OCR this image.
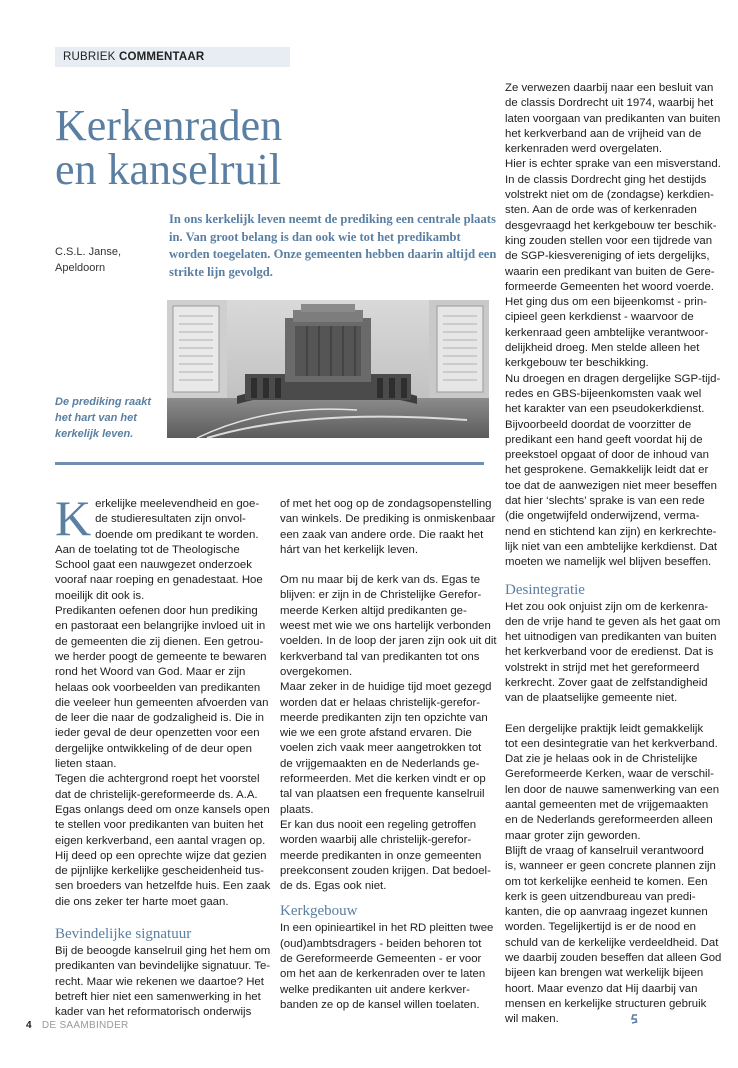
RUBRIEK COMMENTAAR
Kerkenraden
en kanselruil
C.S.L. Janse,
Apeldoorn

In ons kerkelijk leven neemt de prediking een centrale plaats in. Van groot belang is dan ook wie tot het predikambt worden toegelaten. Onze gemeenten hebben daarin altijd een strikte lijn gevolgd.

De prediking raakt
het hart van het
kerkelijk leven.
K erkelijke meelevendheid en goe-
de studieresultaten zijn onvol-
doende om predikant te worden.
Aan de toelating tot de Theologische
School gaat een nauwgezet onderzoek
vooraf naar roeping en genadestaat. Hoe
moeilijk dit ook is.
Predikanten oefenen door hun prediking
en pastoraat een belangrijke invloed uit in
de gemeenten die zij dienen. Een getrou-
we herder poogt de gemeente te bewaren
rond het Woord van God. Maar er zijn
helaas ook voorbeelden van predikanten
die veeleer hun gemeenten afvoerden van
de leer die naar de godzaligheid is. Die in
ieder geval de deur openzetten voor een
dergelijke ontwikkeling of de deur open
lieten staan.
Tegen die achtergrond roept het voorstel
dat de christelijk-gereformeerde ds. A.A.
Egas onlangs deed om onze kansels open
te stellen voor predikanten van buiten het
eigen kerkverband, een aantal vragen op.
Hij deed op een oprechte wijze dat gezien
de pijnlijke kerkelijke gescheidenheid tus-
sen broeders van hetzelfde huis. Een zaak
die ons zeker ter harte moet gaan.
Bevindelijke signatuur
Bij de beoogde kanselruil ging het hem om
predikanten van bevindelijke signatuur. Te-
recht. Maar wie rekenen we daartoe? Het
betreft hier niet een samenwerking in het
kader van het reformatorisch onderwijs
of met het oog op de zondagsopenstelling
van winkels. De prediking is onmiskenbaar
een zaak van andere orde. Die raakt het
hárt van het kerkelijk leven.
Om nu maar bij de kerk van ds. Egas te
blijven: er zijn in de Christelijke Gerefor-
meerde Kerken altijd predikanten ge-
weest met wie we ons hartelijk verbonden
voelden. In de loop der jaren zijn ook uit dit
kerkverband tal van predikanten tot ons
overgekomen.
Maar zeker in de huidige tijd moet gezegd
worden dat er helaas christelijk-gerefor-
meerde predikanten zijn ten opzichte van
wie we een grote afstand ervaren. Die
voelen zich vaak meer aangetrokken tot
de vrijgemaakten en de Nederlands ge-
reformeerden. Met die kerken vindt er op
tal van plaatsen een frequente kanselruil
plaats.
Er kan dus nooit een regeling getroffen
worden waarbij alle christelijk-gerefor-
meerde predikanten in onze gemeenten
preekconsent zouden krijgen. Dat bedoel-
de ds. Egas ook niet.
Kerkgebouw
In een opinieartikel in het RD pleitten twee
(oud)ambtsdragers - beiden behoren tot
de Gereformeerde Gemeenten - er voor
om het aan de kerkenraden over te laten
welke predikanten uit andere kerkver-
banden ze op de kansel willen toelaten.
Ze verwezen daarbij naar een besluit van
de classis Dordrecht uit 1974, waarbij het
laten voorgaan van predikanten van buiten
het kerkverband aan de vrijheid van de
kerkenraden werd overgelaten.
Hier is echter sprake van een misverstand.
In de classis Dordrecht ging het destijds
volstrekt niet om de (zondagse) kerkdien-
sten. Aan de orde was of kerkenraden
desgevraagd het kerkgebouw ter beschik-
king zouden stellen voor een tijdrede van
de SGP-kiesvereniging of iets dergelijks,
waarin een predikant van buiten de Gere-
formeerde Gemeenten het woord voerde.
Het ging dus om een bijeenkomst - prin-
cipieel geen kerkdienst - waarvoor de
kerkenraad geen ambtelijke verantwoor-
delijkheid droeg. Men stelde alleen het
kerkgebouw ter beschikking.
Nu droegen en dragen dergelijke SGP-tijd-
redes en GBS-bijeenkomsten vaak wel
het karakter van een pseudokerkdienst.
Bijvoorbeeld doordat de voorzitter de
predikant een hand geeft voordat hij de
preekstoel opgaat of door de inhoud van
het gesprokene. Gemakkelijk leidt dat er
toe dat de aanwezigen niet meer beseffen
dat hier ‘slechts’ sprake is van een rede
(die ongetwijfeld onderwijzend, verma-
nend en stichtend kan zijn) en kerkrechte-
lijk niet van een ambtelijke kerkdienst. Dat
moeten we namelijk wel blijven beseffen.
Desintegratie
Het zou ook onjuist zijn om de kerkenra-
den de vrije hand te geven als het gaat om
het uitnodigen van predikanten van buiten
het kerkverband voor de eredienst. Dat is
volstrekt in strijd met het gereformeerd
kerkrecht. Zover gaat de zelfstandigheid
van de plaatselijke gemeente niet.
Een dergelijke praktijk leidt gemakkelijk
tot een desintegratie van het kerkverband.
Dat zie je helaas ook in de Christelijke
Gereformeerde Kerken, waar de verschil-
len door de nauwe samenwerking van een
aantal gemeenten met de vrijgemaakten
en de Nederlands gereformeerden alleen
maar groter zijn geworden.
Blijft de vraag of kanselruil verantwoord
is, wanneer er geen concrete plannen zijn
om tot kerkelijke eenheid te komen. Een
kerk is geen uitzendbureau van predi-
kanten, die op aanvraag ingezet kunnen
worden. Tegelijkertijd is er de nood en
schuld van de kerkelijke verdeeldheid. Dat
we daarbij zouden beseffen dat alleen God
bijeen kan brengen wat werkelijk bijeen
hoort. Maar evenzo dat Hij daarbij van
mensen en kerkelijke structuren gebruik
wil maken.
4 DE SAAMBINDER
